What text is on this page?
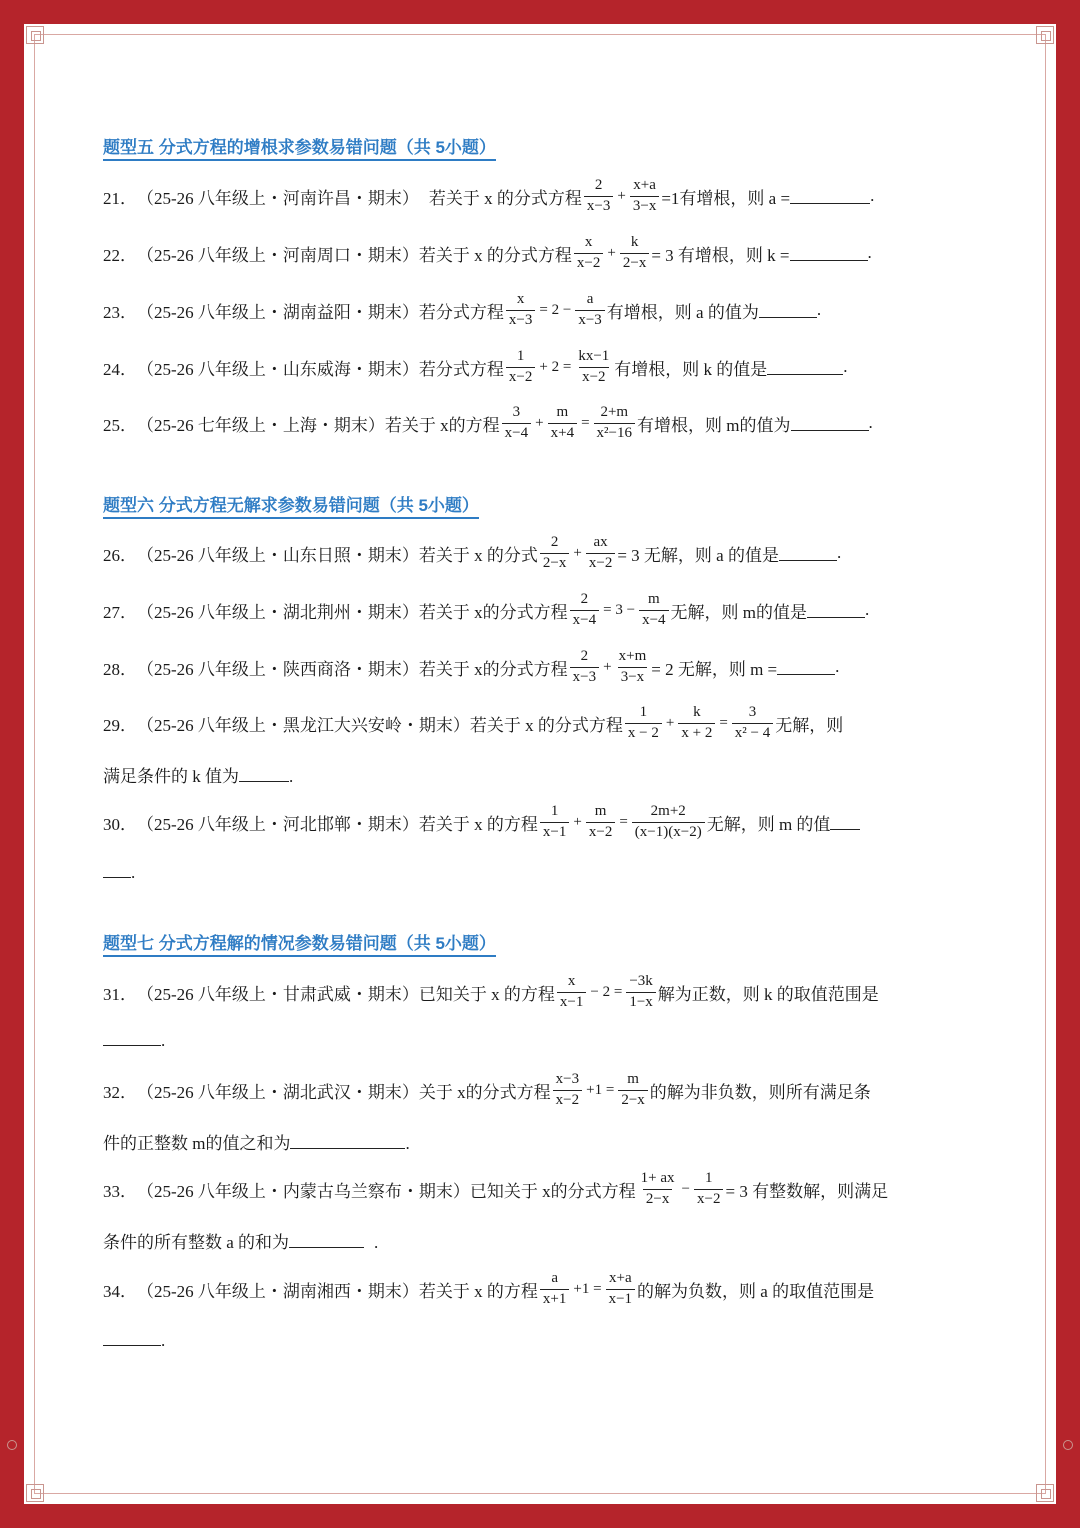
题型五 分式方程的增根求参数易错问题（共 5小题）
21． （25-26 八年级上・河南许昌・期末） 若关于 x 的分式方程 $\frac{2}{x-3} + \frac{x+a}{3-x} =1$有增根，则 a =	.
22． （25-26 八年级上・河南周口・期末） 若关于 x 的分式方程 $\frac{x}{x-2} + \frac{k}{2-x} = 3$ 有增根，则 k =	.
23． （25-26 八年级上・湖南益阳・期末） 若分式方程 $\frac{x}{x-3} = 2 - \frac{a}{x-3}$ 有增根，则 a 的值为	.
24． （25-26 八年级上・山东威海・期末） 若分式方程 $\frac{1}{x-2} + 2 = \frac{kx-1}{x-2}$ 有增根，则 k 的值是	.
25． （25-26 七年级上・上海・期末） 若关于 x的方程 $\frac{3}{x-4} + \frac{m}{x+4} = \frac{2+m}{\text{x²−16}}$ 有增根，则 m的值为	.
题型六 分式方程无解求参数易错问题（共 5小题）
26． （25-26 八年级上・山东日照・期末） 若关于 x 的分式 $\frac{2}{2-x} + \frac{ax}{x-2} = 3$ 无解，则 a 的值是	.
27． （25-26 八年级上・湖北荆州・期末） 若关于 x的分式方程 $\frac{2}{x-4} = 3 - \frac{m}{x-4}$ 无解，则 m的值是	.
28． （25-26 八年级上・陕西商洛・期末） 若关于 x的分式方程 $\frac{2}{x-3} + \frac{x+m}{3-x} = 2$ 无解，则 m =	.
29． （25-26 八年级上・黑龙江大兴安岭・期末） 若关于 x 的分式方程 $\frac{1}{x - 2} + \frac{k}{x + 2} = \frac{3}{\text{x² − 4}}$ 无解，则
满足条件的 k 值为	.
30． （25-26 八年级上・河北邯郸・期末） 若关于 x 的方程 $\frac{1}{x-1} + \frac{m}{x-2} = \frac{2m+2}{(x-1)(x-2)}$ 无解，则 m 的值
.
题型七 分式方程解的情况参数易错问题（共 5小题）
31． （25-26 八年级上・甘肃武威・期末） 已知关于 x 的方程 $\frac{x}{x-1} - 2 = \frac{-3k}{1-x}$ 解为正数，则 k 的取值范围是
.
32． （25-26 八年级上・湖北武汉・期末） 关于 x的分式方程 $\frac{x-3}{x-2} +1 = \frac{m}{2-x}$ 的解为非负数，则所有满足条
件的正整数 m的值之和为	.
33． （25-26 八年级上・内蒙古乌兰察布・期末） 已知关于 x的分式方程 $\frac{1+ ax}{2-x} - \frac{1}{x-2} = 3$ 有整数解，则满足
条件的所有整数 a 的和为	.
34． （25-26 八年级上・湖南湘西・期末） 若关于 x 的方程 $\frac{a}{x+1} +1 = \frac{x+a}{x-1}$ 的解为负数，则 a 的取值范围是
.
